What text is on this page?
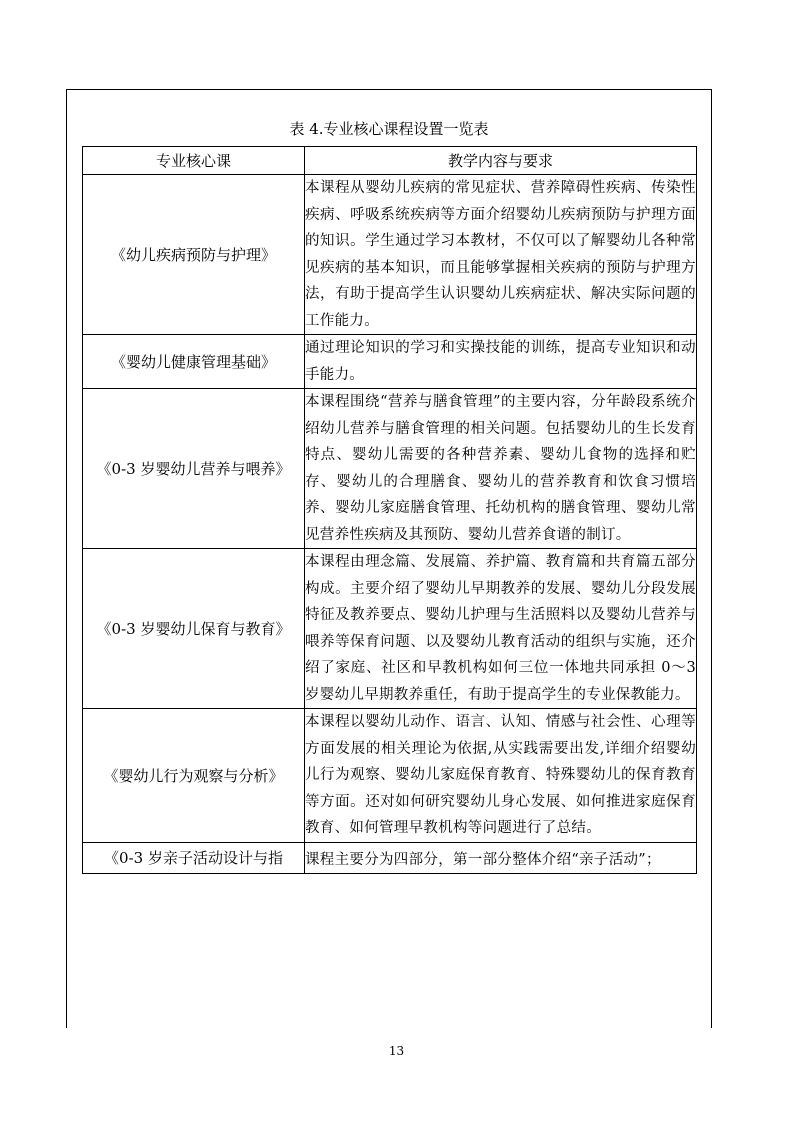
表 4.专业核心课程设置一览表
专业核心课	教学内容与要求
《幼儿疾病预防与护理》	本课程从婴幼儿疾病的常见症状、营养障碍性疾病、传染性疾病、呼吸系统疾病等方面介绍婴幼儿疾病预防与护理方面的知识。学生通过学习本教材，不仅可以了解婴幼儿各种常见疾病的基本知识，而且能够掌握相关疾病的预防与护理方法，有助于提高学生认识婴幼儿疾病症状、解决实际问题的工作能力。
《婴幼儿健康管理基础》	通过理论知识的学习和实操技能的训练，提高专业知识和动手能力。
《0-3 岁婴幼儿营养与喂养》	本课程围绕“营养与膳食管理”的主要内容，分年龄段系统介绍幼儿营养与膳食管理的相关问题。包括婴幼儿的生长发育特点、婴幼儿需要的各种营养素、婴幼儿食物的选择和贮存、婴幼儿的合理膳食、婴幼儿的营养教育和饮食习惯培养、婴幼儿家庭膳食管理、托幼机构的膳食管理、婴幼儿常见营养性疾病及其预防、婴幼儿营养食谱的制订。
《0-3 岁婴幼儿保育与教育》	本课程由理念篇、发展篇、养护篇、教育篇和共育篇五部分构成。主要介绍了婴幼儿早期教养的发展、婴幼儿分段发展特征及教养要点、婴幼儿护理与生活照料以及婴幼儿营养与喂养等保育问题、以及婴幼儿教育活动的组织与实施，还介绍了家庭、社区和早教机构如何三位一体地共同承担 0～3 岁婴幼儿早期教养重任，有助于提高学生的专业保教能力。
《婴幼儿行为观察与分析》	本课程以婴幼儿动作、语言、认知、情感与社会性、心理等方面发展的相关理论为依据,从实践需要出发,详细介绍婴幼儿行为观察、婴幼儿家庭保育教育、特殊婴幼儿的保育教育等方面。还对如何研究婴幼儿身心发展、如何推进家庭保育教育、如何管理早教机构等问题进行了总结。
《0-3 岁亲子活动设计与指	课程主要分为四部分，第一部分整体介绍“亲子活动”；
13
